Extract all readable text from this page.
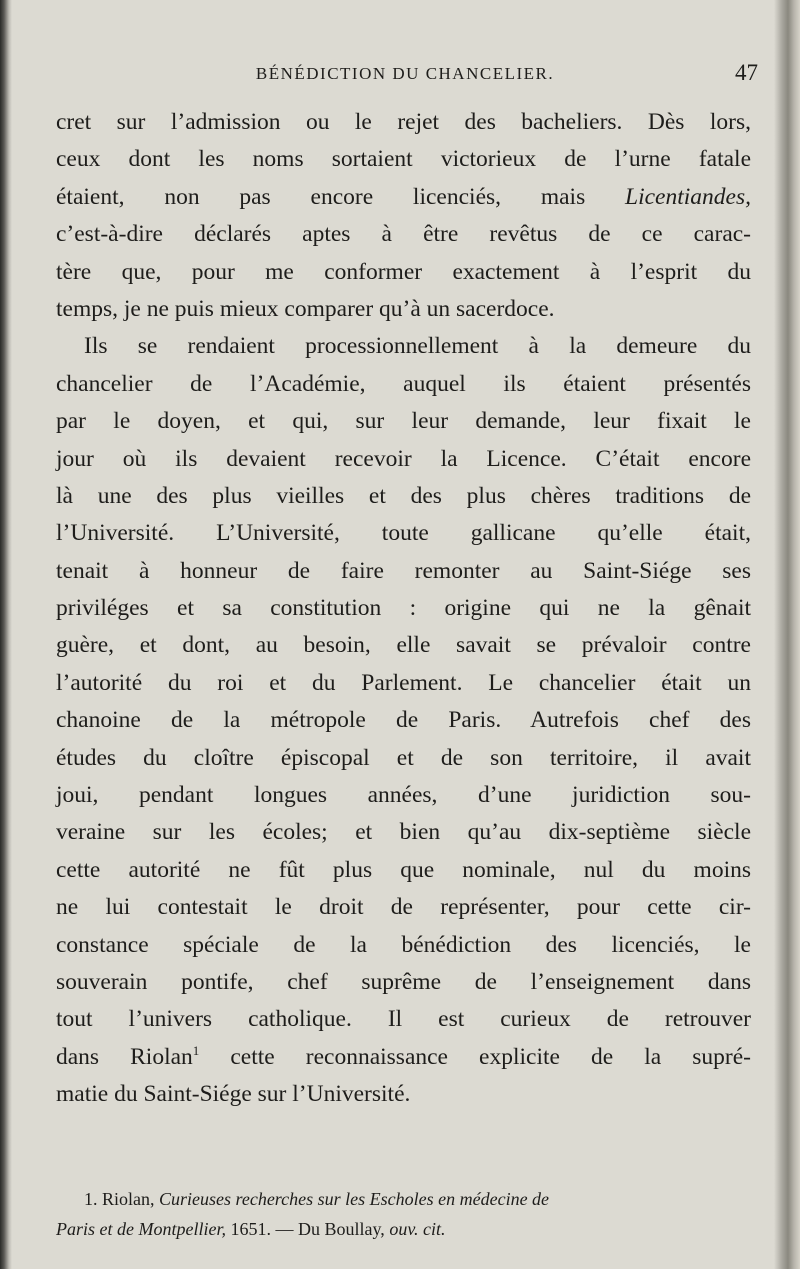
BÉNÉDICTION DU CHANCELIER.	47
cret sur l’admission ou le rejet des bacheliers. Dès lors,
ceux dont les noms sortaient victorieux de l’urne fatale
étaient, non pas encore licenciés, mais Licentiandes,
c’est-à-dire déclarés aptes à être revêtus de ce carac-
tère que, pour me conformer exactement à l’esprit du
temps, je ne puis mieux comparer qu’à un sacerdoce.
Ils se rendaient processionnellement à la demeure du
chancelier de l’Académie, auquel ils étaient présentés
par le doyen, et qui, sur leur demande, leur fixait le
jour où ils devaient recevoir la Licence. C’était encore
là une des plus vieilles et des plus chères traditions de
l’Université. L’Université, toute gallicane qu’elle était,
tenait à honneur de faire remonter au Saint-Siége ses
priviléges et sa constitution : origine qui ne la gênait
guère, et dont, au besoin, elle savait se prévaloir contre
l’autorité du roi et du Parlement. Le chancelier était un
chanoine de la métropole de Paris. Autrefois chef des
études du cloître épiscopal et de son territoire, il avait
joui, pendant longues années, d’une juridiction sou-
veraine sur les écoles; et bien qu’au dix-septième siècle
cette autorité ne fût plus que nominale, nul du moins
ne lui contestait le droit de représenter, pour cette cir-
constance spéciale de la bénédiction des licenciés, le
souverain pontife, chef suprême de l’enseignement dans
tout l’univers catholique. Il est curieux de retrouver
dans Riolan$^1$ cette reconnaissance explicite de la supré-
matie du Saint-Siége sur l’Université.
1. Riolan, Curieuses recherches sur les Escholes en médecine de
Paris et de Montpellier, 1651. — Du Boullay, ouv. cit.
